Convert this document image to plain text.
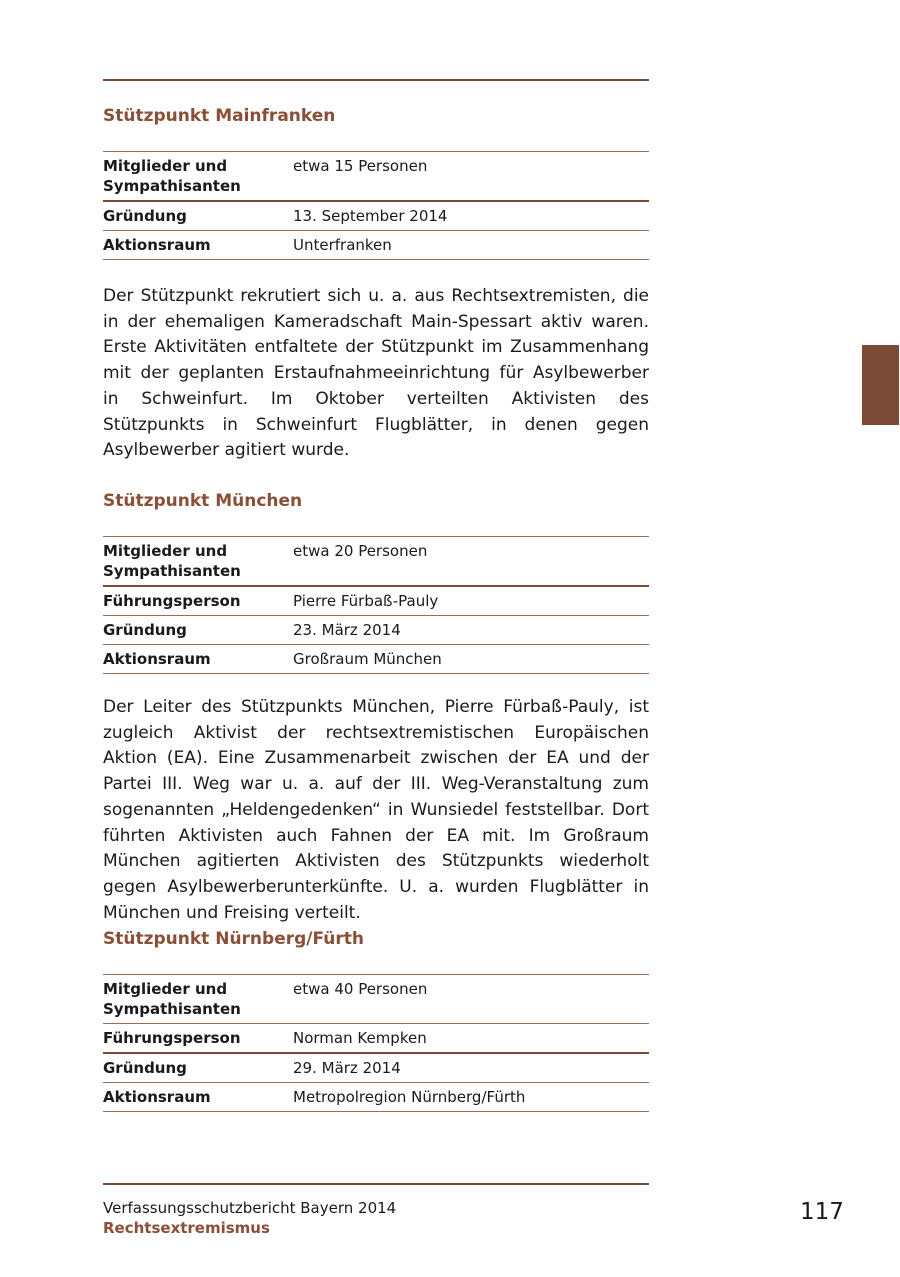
Stützpunkt Mainfranken
Mitglieder und Sympathisanten	etwa 15 Personen

Gründung	13. September 2014

Aktionsraum	Unterfranken

Der Stützpunkt rekrutiert sich u. a. aus Rechtsextremisten, die in der ehemaligen Kameradschaft Main-Spessart aktiv waren. Erste Aktivitäten entfaltete der Stützpunkt im Zusammenhang mit der geplanten Erstaufnahmeeinrichtung für Asylbewerber in Schweinfurt. Im Oktober verteilten Aktivisten des Stützpunkts in Schweinfurt Flugblätter, in denen gegen Asylbewerber agitiert wurde.

Stützpunkt München
Mitglieder und Sympathisanten	etwa 20 Personen

Führungsperson	Pierre Fürbaß-Pauly

Gründung	23. März 2014

Aktionsraum	Großraum München

Der Leiter des Stützpunkts München, Pierre Fürbaß-Pauly, ist zugleich Aktivist der rechtsextremistischen Europäischen Aktion (EA). Eine Zusammenarbeit zwischen der EA und der Partei III. Weg war u. a. auf der III. Weg-Veranstaltung zum sogenannten „Heldengedenken“ in Wunsiedel feststellbar. Dort führten Aktivisten auch Fahnen der EA mit. Im Großraum München agitierten Aktivisten des Stützpunkts wiederholt gegen Asylbewerberunterkünfte. U. a. wurden Flugblätter in München und Freising verteilt.

Stützpunkt Nürnberg/Fürth
Mitglieder und Sympathisanten	etwa 40 Personen

Führungsperson	Norman Kempken

Gründung	29. März 2014

Aktionsraum	Metropolregion Nürnberg/Fürth
Verfassungsschutzbericht Bayern 2014
Rechtsextremismus
117
